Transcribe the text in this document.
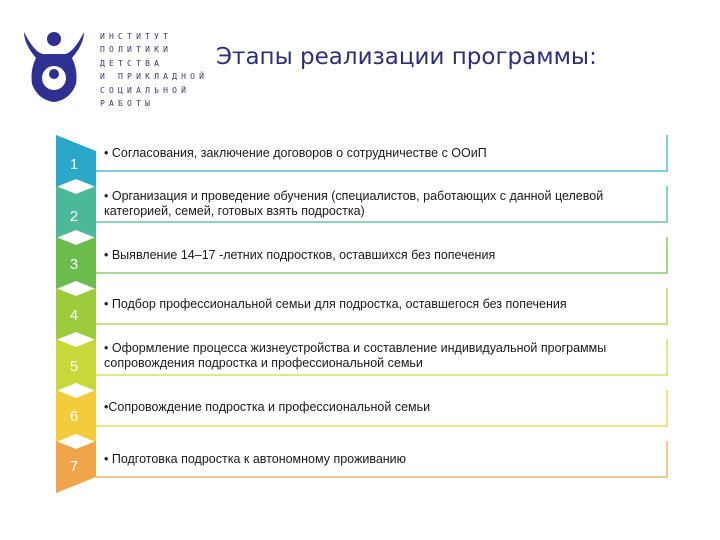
ИНСТИТУТ
ПОЛИТИКИ
ДЕТСТВА
И ПРИКЛАДНОЙ
СОЦИАЛЬНОЙ
РАБОТЫ
Этапы реализации программы:
1
• Согласования, заключение договоров о сотрудничестве с ООиП
2
• Организация и проведение обучения (специалистов, работающих с данной целевой категорией, семей, готовых взять подростка)
3
• Выявление 14–17 -летних подростков, оставшихся без попечения
4
• Подбор профессиональной семьи для подростка, оставшегося без попечения
5
• Оформление процесса жизнеустройства и составление индивидуальной программы сопровождения подростка и профессиональной семьи
6
•Сопровождение подростка и профессиональной семьи
7	• Подготовка подростка к автономному проживанию
